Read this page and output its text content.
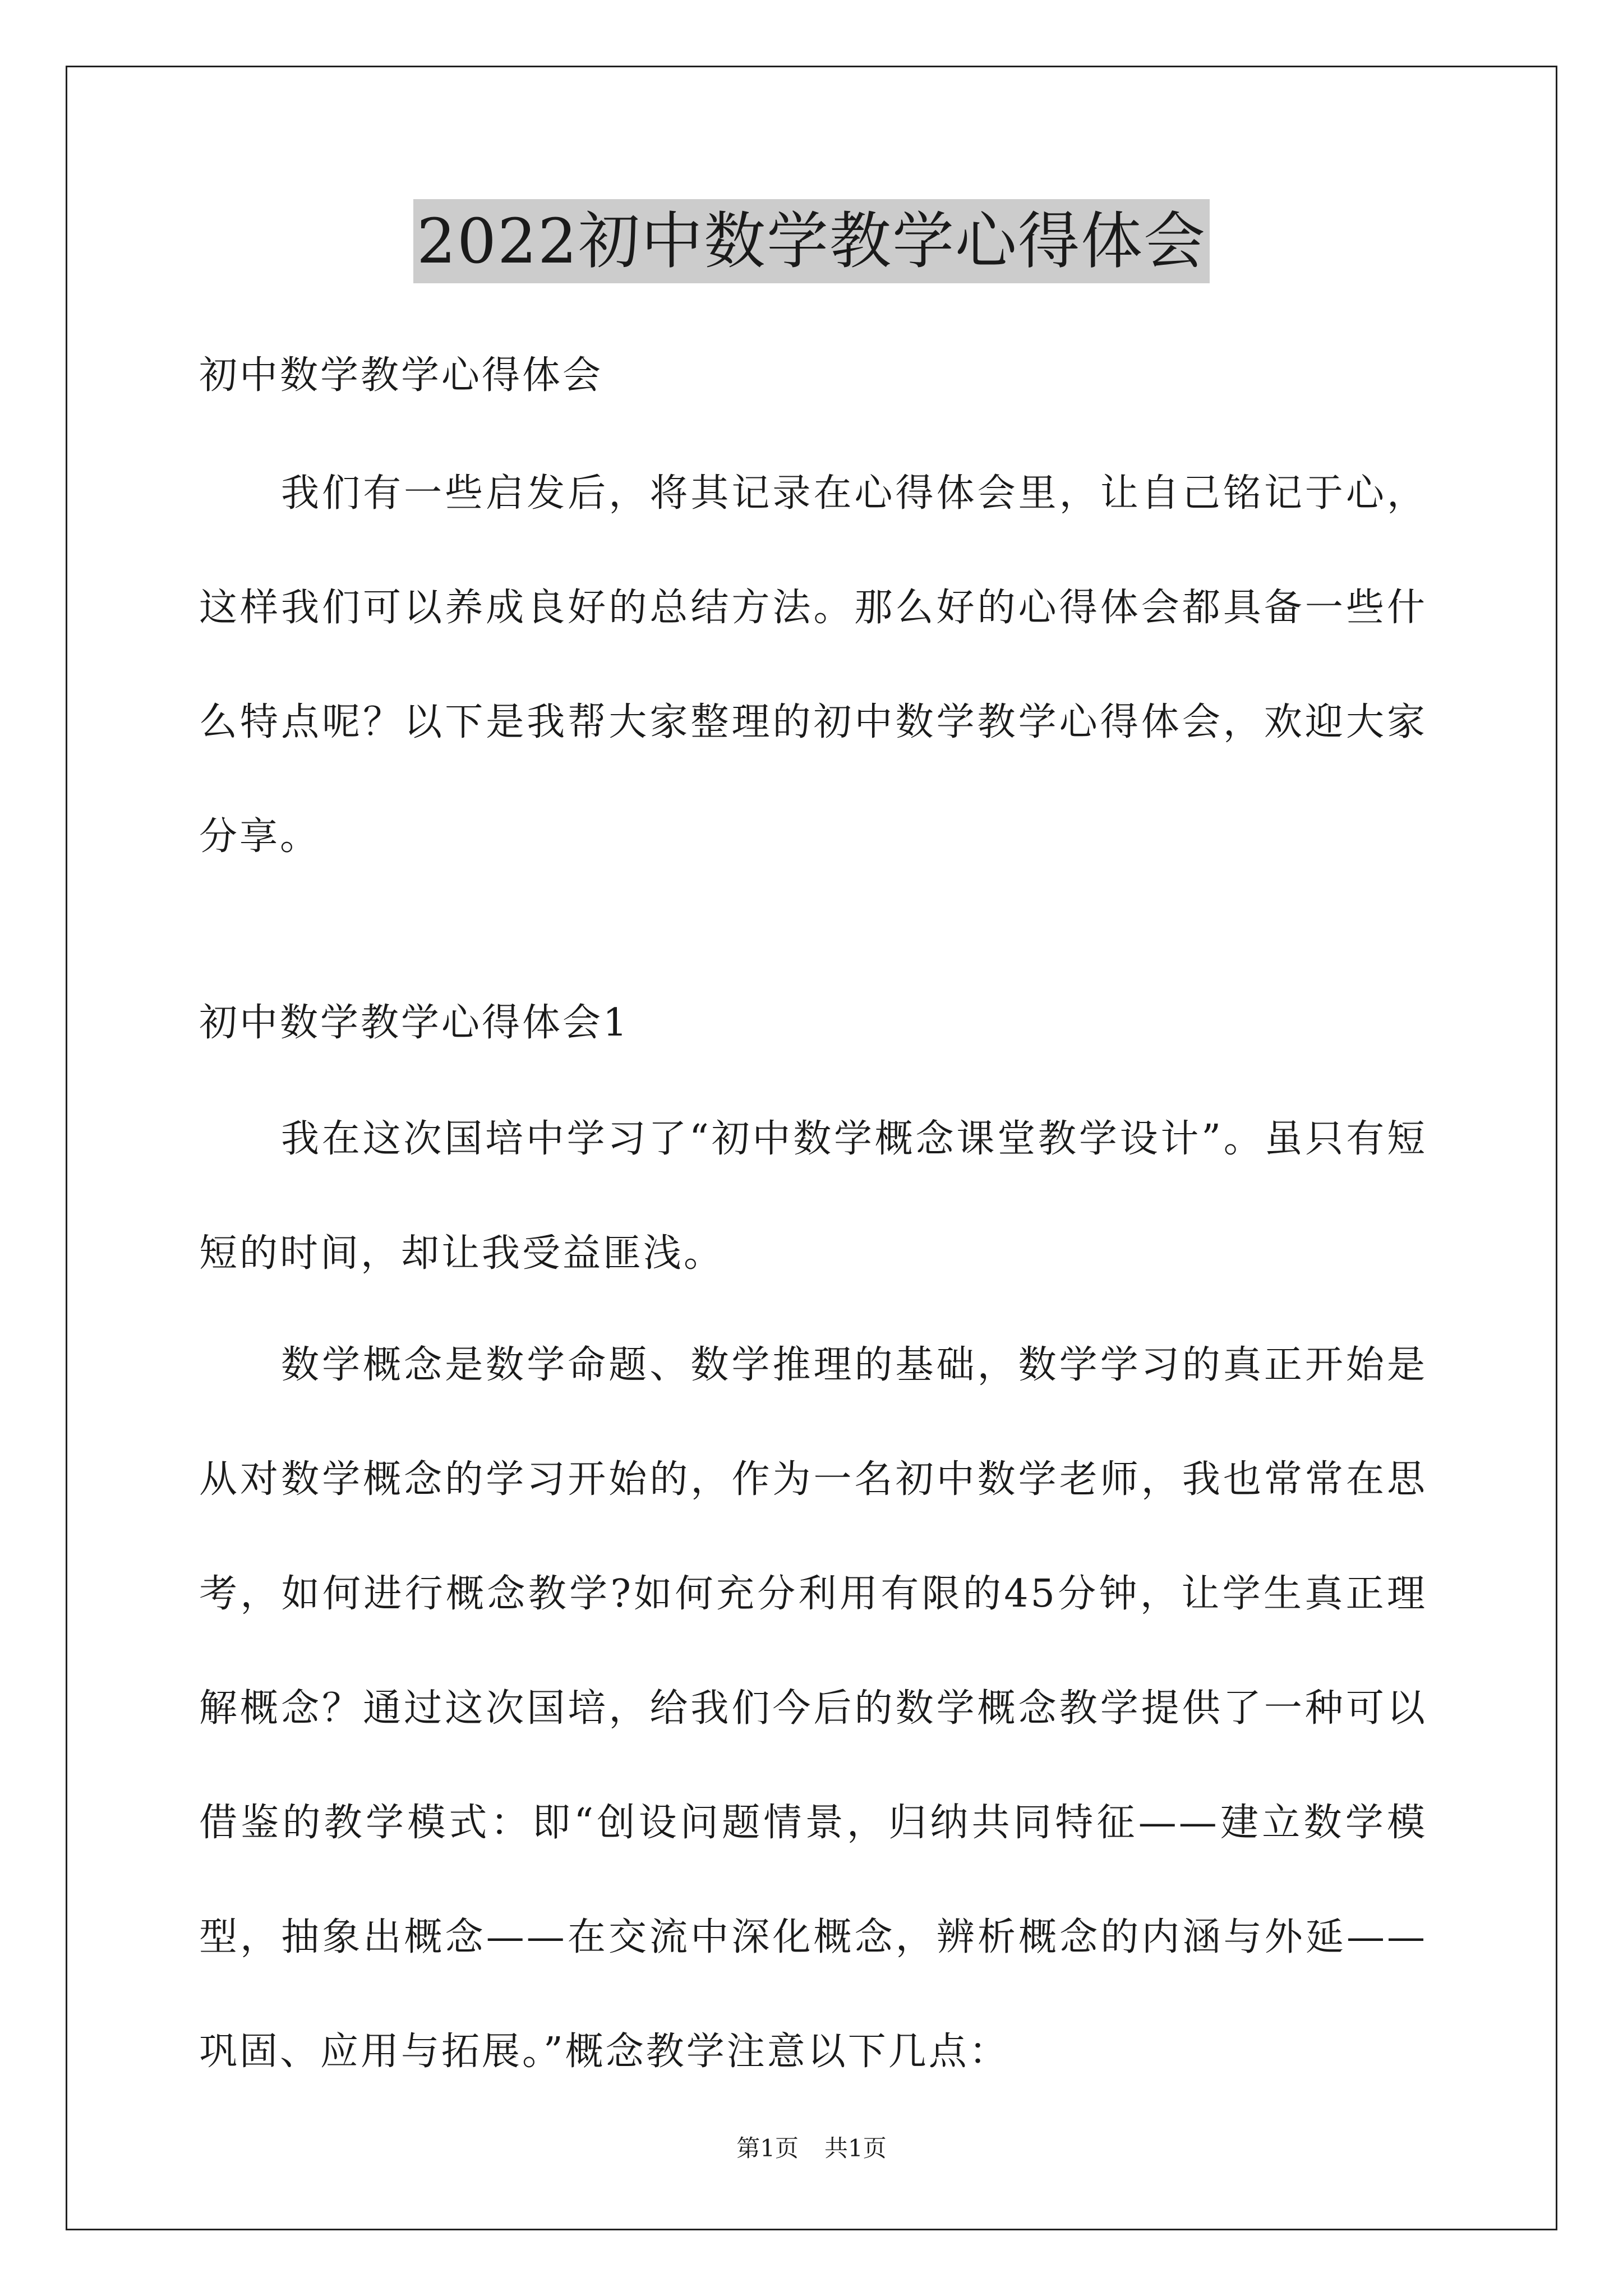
2022初中数学教学心得体会
初中数学教学心得体会
我们有一些启发后，将其记录在心得体会里，让自己铭记于心，这样我们可以养成良好的总结方法。那么好的心得体会都具备一些什么特点呢？以下是我帮大家整理的初中数学教学心得体会，欢迎大家分享。
初中数学教学心得体会1
我在这次国培中学习了“初中数学概念课堂教学设计”。虽只有短短的时间，却让我受益匪浅。
数学概念是数学命题、数学推理的基础，数学学习的真正开始是从对数学概念的学习开始的，作为一名初中数学老师，我也常常在思考，如何进行概念教学?如何充分利用有限的45分钟，让学生真正理解概念？通过这次国培，给我们今后的数学概念教学提供了一种可以借鉴的教学模式：即“创设问题情景，归纳共同特征——建立数学模型，抽象出概念——在交流中深化概念，辨析概念的内涵与外延——巩固、应用与拓展。”概念教学注意以下几点：
第1页 共1页
